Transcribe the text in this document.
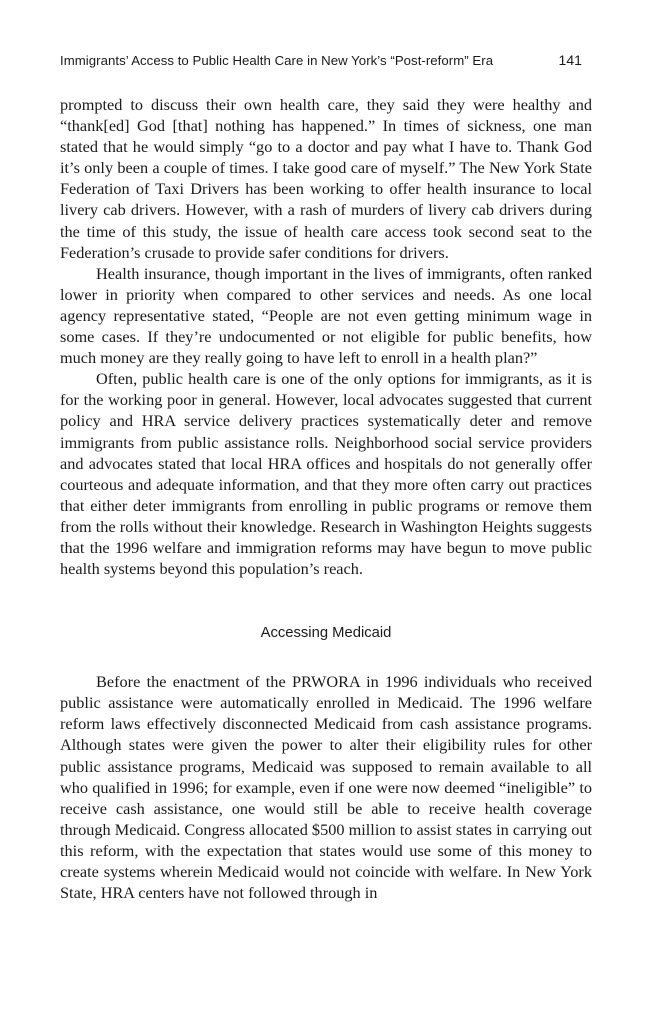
Immigrants’ Access to Public Health Care in New York’s “Post-reform” Era	141

prompted to discuss their own health care, they said they were healthy and “thank[ed] God [that] nothing has happened.” In times of sickness, one man stated that he would simply “go to a doctor and pay what I have to. Thank God it’s only been a couple of times. I take good care of myself.” The New York State Federation of Taxi Drivers has been working to offer health insurance to local livery cab drivers. However, with a rash of murders of livery cab drivers during the time of this study, the issue of health care access took second seat to the Federation’s crusade to provide safer conditions for drivers.

Health insurance, though important in the lives of immigrants, often ranked lower in priority when compared to other services and needs. As one local agency representative stated, “People are not even getting minimum wage in some cases. If they’re undocumented or not eligible for public benefits, how much money are they really going to have left to enroll in a health plan?”

Often, public health care is one of the only options for immigrants, as it is for the working poor in general. However, local advocates suggested that current policy and HRA service delivery practices systematically deter and remove immigrants from public assistance rolls. Neighborhood social service providers and advocates stated that local HRA offices and hospitals do not generally offer courteous and adequate information, and that they more often carry out practices that either deter immigrants from enrolling in public programs or remove them from the rolls without their knowledge. Research in Washington Heights suggests that the 1996 welfare and immigration reforms may have begun to move public health systems beyond this population’s reach.

Accessing Medicaid

Before the enactment of the PRWORA in 1996 individuals who received public assistance were automatically enrolled in Medicaid. The 1996 welfare reform laws effectively disconnected Medicaid from cash assistance programs. Although states were given the power to alter their eligibility rules for other public assistance programs, Medicaid was supposed to remain available to all who qualified in 1996; for example, even if one were now deemed “ineligible” to receive cash assistance, one would still be able to receive health coverage through Medicaid. Congress allocated $500 million to assist states in carrying out this reform, with the expectation that states would use some of this money to create systems wherein Medicaid would not coincide with welfare. In New York State, HRA centers have not followed through in
